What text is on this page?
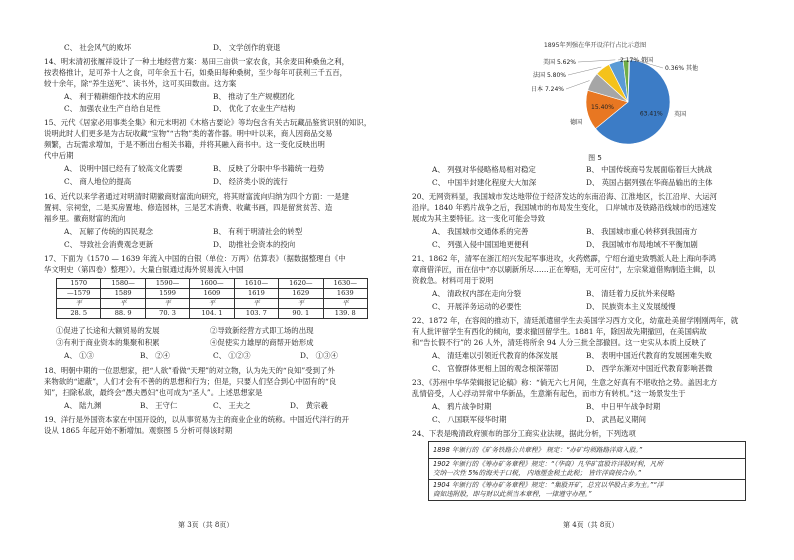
C、 社会风气的败坏	D、 文学创作的衰退
14、明末清初张履祥设计了一种土地经营方案：易田三亩供一家农食，其余麦田种桑鱼之利，
按表格推计，足可养十人之食，可年余五十石，如桑田每种桑树，至少每年可获利三千五百，
较十余年，除“养生送死”、读书外，这可买田数亩。这方案
A、 利于精耕细作技术的应用	B、 推动了生产规模团化
C、 加强农业生产自给自足性	D、 优化了农业生产结构
15、元代《居家必用事类全集》和元末明初《木格古要论》等均包含有关古玩藏品鉴赏识别的知识，
说明此时人们更多是为古玩收藏“宝物”“古物”类的著作器。明中叶以来，商人因商品交易
频繁，古玩需求增加，于是不断出台相关书籍，并将其融入商书中。这一变化反映出明
代中后期
A、 说明中国已经有了较高文化需要	B、 反映了分职中华书籍统一趋势
C、 商人地位的提高	D、 经济类小说的流行
16、近代以来学者通过对明清时期徽商财富流向研究，将其财富流向归纳为四个方面：一是建
置祠、宗祠堂，二是买房置地、修造园林，三是艺术消费、收藏书画，四是留赏贫苦、造
福乡里。徽商财富的流向
A、 瓦解了传统的四民观念	B、 有利于明清社会的转型
C、 导致社会消费观念更新	D、 助推社会资本的投向
17、下面为《1570 — 1639 年流入中国的白银（单位：万两）估算表》（据数据整理自《中
华文明史（第四卷）整理》）。大量白银通过海外贸易流入中国
1570	1580—	1590—	1600—	1610—	1620—	1630—
—1579	1589	1599	1609	1619	1629	1639
平	平	平	平	平	平	平
28. 5	88. 9	70. 3	104. 1	103. 7	90. 1	139. 8
①促进了长途和大额贸易的发展	②导致新经营方式即工场的出现
③有利于商业资本的集聚和积累	④促使实力雄厚的商帮开始形成
A、 ①③	B、 ②④	C、 ①②③	D、 ①③④
18、明朝中期的一位思想家，把“人欲”看做“天理”的对立物，认为先天的“良知”受到了外
来物欲的“遮蔽”，人们才会有不善的的思想和行为；但是，只要人们坚合到心中固有的“良
知”，扫除私欲，最终会“愚夫愚妇”也可成为“圣人”。上述思想家是
A、 陆九渊	B、 王守仁	C、 王夫之	D、 黄宗羲
19、洋行是外国资本家在中国开设的，以从事贸易为主的商业企业的统称。中国近代洋行的开
设从 1865 年起开始不断增加。观察图 5 分析可得该时期
第 3页（共 8页）
1895年列强在华开设洋行占比示意图
0.36% 其他
63.41%
15.40%
日本 7.24%
法国 5.80%
美国 5.62%	2.17% 俄国
英国
德国
图 5
A、 列强对华侵略格局相对稳定	B、 中国传统商号发展面临着巨大挑战
C、 中国半封建化程度大大加深	D、 英国占据列强在华商品输出的主体
20、无网资料显，我国城市发达地带位于经济发达的东南沿海、江淮地区，长江沿岸、大运河
沿岸。1840 年鸦片战争之后，我国城市的布局发生变化， 口岸城市及铁路沿线城市的迅速发
展成为其主要特征。这一变化可能会导致
A、 我国城市交通体系的完善	B、 我国城市重心转移到我国南方
C、 列强入侵中国国地更便利	D、 我国城市布局地域不平衡加剧
21、1862 年，清军在浙江绍兴发起军事进攻，火药燃霹，宁绍台道史致鹗派人赴上海向李鸿
章商借洋匠，而在信中“亦以刷新所尽……正在筹赔，无可应付”，左宗棠道借购制造主辑，以
资救急。材料可用于说明
A、 清政权内部在走向分裂	B、 清廷着力反抗外来侵略
C、 开展洋务运动的必要性	D、 民族资本主义发展缓慢
22、1872 年，在容闳的推动下，清廷派遣留学生去美国学习西方文化，幼童赴美留学刚刚两年，就
有人批评留学生有西化的倾向，要求撤回留学生。1881 年，除因故先期撤回，在美国病故
和“告长假不行”的 26 人外，清廷将所余 94 人分三批全部撤回。这一史实从本质上反映了
A、 清廷难以引领近代教育的体深发展	B、 表明中国近代教育的发展困难失败
C、 官僚群体更相上国的观念根深蒂固	D、 西学东渐对中国近代教育影响甚微
23、《苏州中华华荣辑报记论稿》称：“倘无六七月间，生意之好真有不堪收拾之势。盖因北方
乱情倍受，人心浮动异常中华新品，生意渐有起色，而市方有转机。”这一场景发生于
A、 鸦片战争时期	B、 中日甲午战争时期
C、 八国联军侵华时期	D、 武昌起义期间
24、下表是晚清政府颁布的部分工商实业法规，据此分析，下列选项
1898 年颁行的《矿务铁路公共章程》 规定：“办矿均须路路洋商入股。”

1902 年颁行的《筹办矿务章程》规定：“（华商）凡华矿富股许洋股时利，凡所
交纳一次性 5%的海关于口税， 内地厘金税土此税； 皆许洋商按合办。”

1904 年颁行的《筹办矿务章程》规定：“集股开矿，总宜以华股占多为主。”“洋
商如违附股，即与财以此须当本章程，一律遵守办理。”
第 4页（共 8页）
